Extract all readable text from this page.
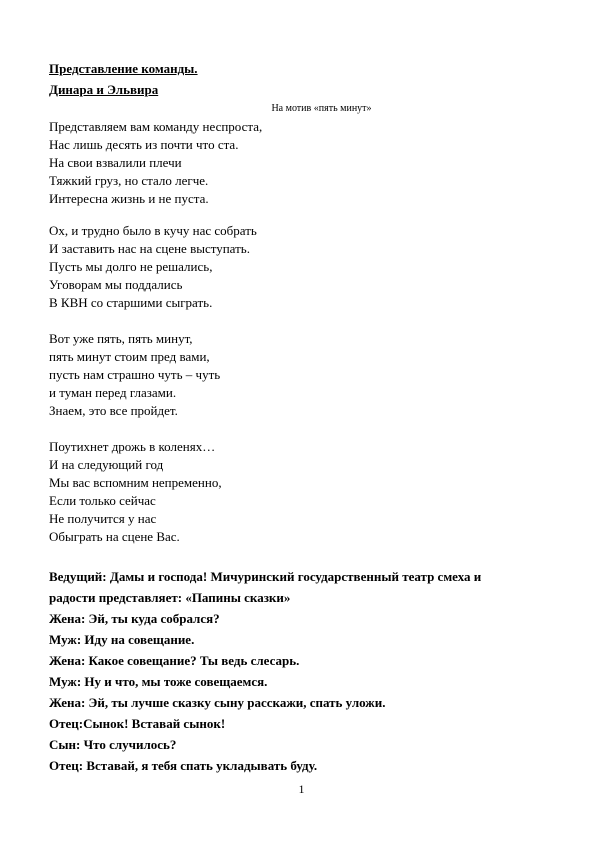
Представление команды.
Динара и Эльвира
На мотив «пять минут»
Представляем вам команду неспроста,
Нас лишь десять из почти что ста.
На свои взвалили плечи
Тяжкий груз, но стало легче.
Интересна жизнь и не пуста.
Ох, и трудно было в кучу нас собрать
И заставить нас на сцене выступать.
Пусть мы долго не решались,
Уговорам мы поддались
В КВН со старшими сыграть.
Вот уже пять, пять минут,
пять минут стоим пред вами,
пусть нам страшно чуть – чуть
и туман перед глазами.
Знаем, это все пройдет.
Поутихнет дрожь в коленях…
И на следующий год
Мы вас вспомним непременно,
Если только сейчас
Не получится у нас
Обыграть на сцене Вас.
Ведущий: Дамы и господа! Мичуринский государственный театр смеха и
радости представляет: «Папины сказки»
Жена: Эй, ты куда собрался?
Муж: Иду на совещание.
Жена: Какое совещание? Ты ведь слесарь.
Муж: Ну и что, мы тоже совещаемся.
Жена: Эй, ты лучше сказку сыну расскажи, спать уложи.
Отец:Сынок! Вставай сынок!
Сын: Что случилось?
Отец: Вставай, я тебя спать укладывать буду.
1
